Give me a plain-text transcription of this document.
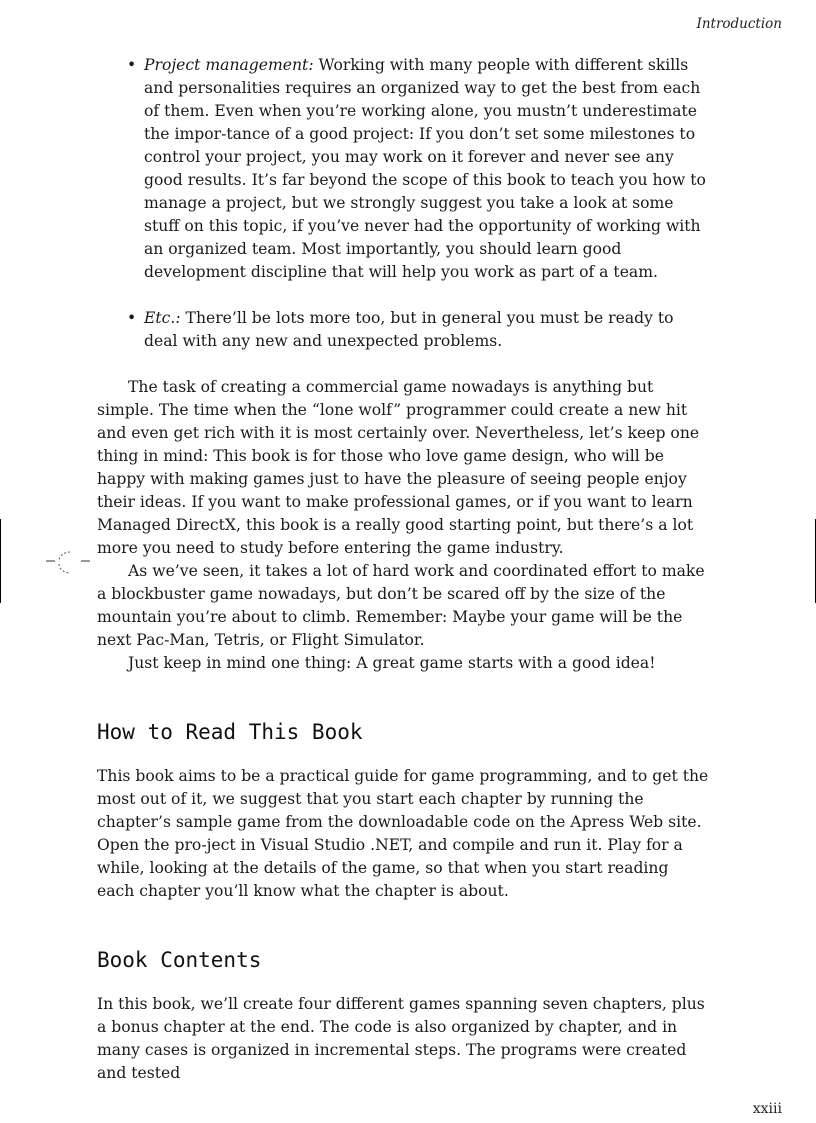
Introduction
• Project management: Working with many people with different skills and personalities requires an organized way to get the best from each of them. Even when you’re working alone, you mustn’t underestimate the impor-tance of a good project: If you don’t set some milestones to control your project, you may work on it forever and never see any good results. It’s far beyond the scope of this book to teach you how to manage a project, but we strongly suggest you take a look at some stuff on this topic, if you’ve never had the opportunity of working with an organized team. Most importantly, you should learn good development discipline that will help you work as part of a team.
• Etc.: There’ll be lots more too, but in general you must be ready to deal with any new and unexpected problems.

The task of creating a commercial game nowadays is anything but simple. The time when the “lone wolf” programmer could create a new hit and even get rich with it is most certainly over. Nevertheless, let’s keep one thing in mind: This book is for those who love game design, who will be happy with making games just to have the pleasure of seeing people enjoy their ideas. If you want to make professional games, or if you want to learn Managed DirectX, this book is a really good starting point, but there’s a lot more you need to study before entering the game industry.

As we’ve seen, it takes a lot of hard work and coordinated effort to make a blockbuster game nowadays, but don’t be scared off by the size of the mountain you’re about to climb. Remember: Maybe your game will be the next Pac-Man, Tetris, or Flight Simulator.

Just keep in mind one thing: A great game starts with a good idea!

How to Read This Book

This book aims to be a practical guide for game programming, and to get the most out of it, we suggest that you start each chapter by running the chapter’s sample game from the downloadable code on the Apress Web site. Open the pro-ject in Visual Studio .NET, and compile and run it. Play for a while, looking at the details of the game, so that when you start reading each chapter you’ll know what the chapter is about.

Book Contents

In this book, we’ll create four different games spanning seven chapters, plus a bonus chapter at the end. The code is also organized by chapter, and in many cases is organized in incremental steps. The programs were created and tested

xxiii
